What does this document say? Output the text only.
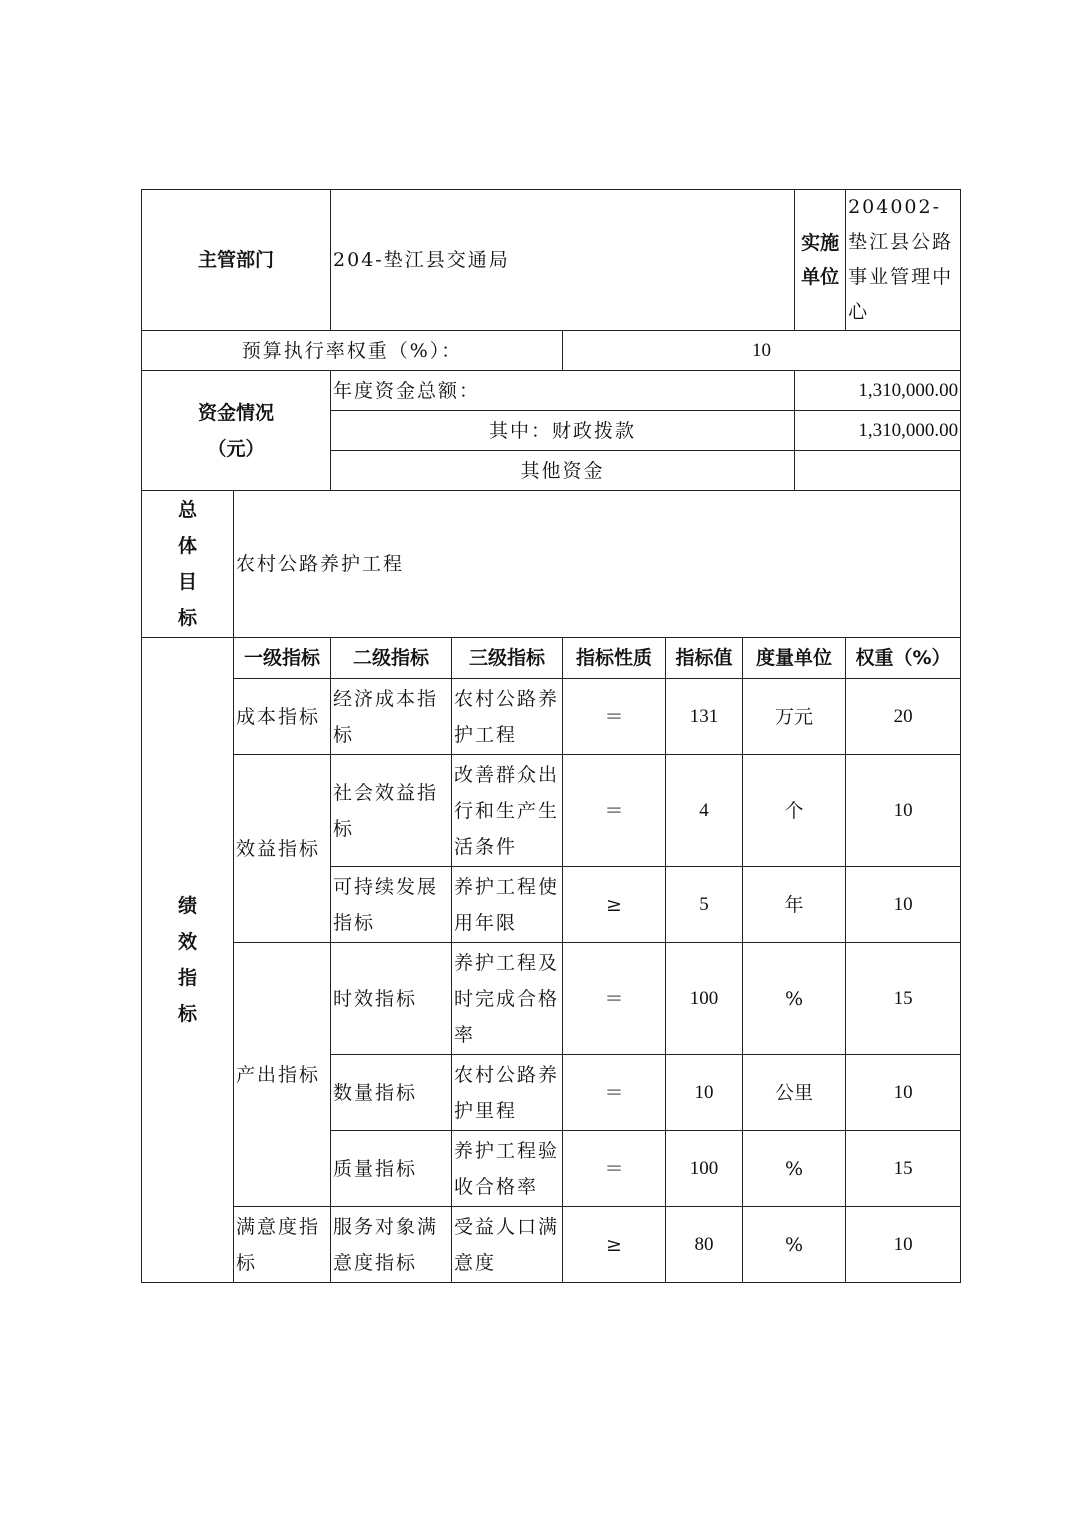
主管部门		204-垫江县交通局					实施单位	204002-垫江县公路事业管理中心
预算执行率权重（%）：				10				

资金情况（元）		年度资金总额：					1,310,000.00	
		其中：财政拨款					1,310,000.00	
		其他资金						

总体目标	农村公路养护工程							

绩效指标	一级指标	二级指标	三级指标	指标性质	指标值	度量单位		权重（%）
	成本指标	经济成本指标	农村公路养护工程	＝	131	万元		20
	效益指标	社会效益指标	改善群众出行和生产生活条件	＝	4	个		10
		可持续发展指标	养护工程使用年限	≥	5	年		10
	产出指标	时效指标	养护工程及时完成合格率	＝	100	%		15
		数量指标	农村公路养护里程	＝	10	公里		10
		质量指标	养护工程验收合格率	＝	100	%		15
	满意度指标	服务对象满意度指标	受益人口满意度	≥	80	%		10
